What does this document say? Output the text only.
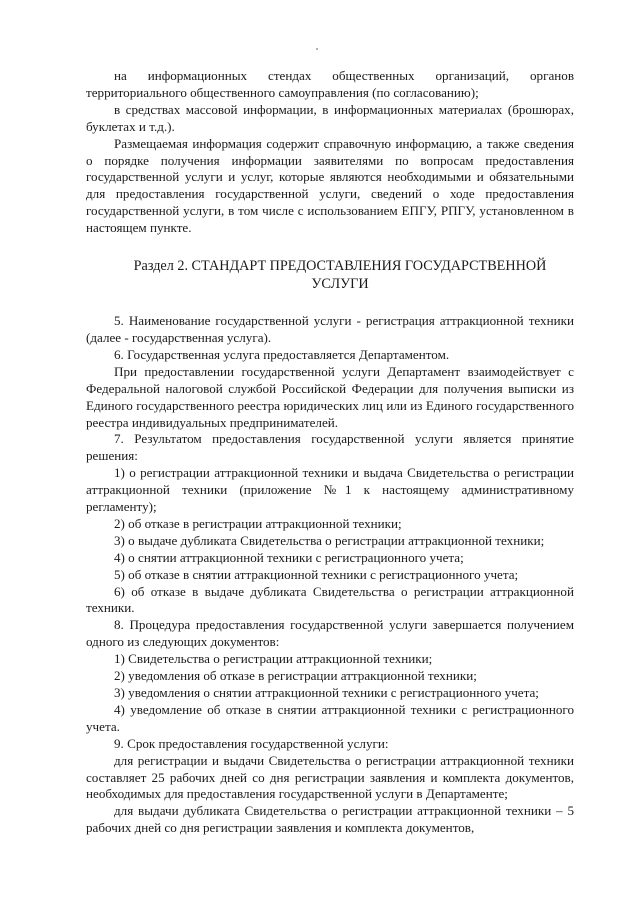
на информационных стендах общественных организаций, органов территориального общественного самоуправления (по согласованию);

в средствах массовой информации, в информационных материалах (брошюрах, буклетах и т.д.).

Размещаемая информация содержит справочную информацию, а также сведения о порядке получения информации заявителями по вопросам предоставления государственной услуги и услуг, которые являются необходимыми и обязательными для предоставления государственной услуги, сведений о ходе предоставления государственной услуги, в том числе с использованием ЕПГУ, РПГУ, установленном в настоящем пункте.

Раздел 2. СТАНДАРТ ПРЕДОСТАВЛЕНИЯ ГОСУДАРСТВЕННОЙ УСЛУГИ

5. Наименование государственной услуги - регистрация аттракционной техники (далее - государственная услуга).

6. Государственная услуга предоставляется Департаментом.

При предоставлении государственной услуги Департамент взаимодействует с Федеральной налоговой службой Российской Федерации для получения выписки из Единого государственного реестра юридических лиц или из Единого государственного реестра индивидуальных предпринимателей.

7. Результатом предоставления государственной услуги является принятие решения:

1) о регистрации аттракционной техники и выдача Свидетельства о регистрации аттракционной техники (приложение №1 к настоящему административному регламенту);

2) об отказе в регистрации аттракционной техники;

3) о выдаче дубликата Свидетельства о регистрации аттракционной техники;

4) о снятии аттракционной техники с регистрационного учета;

5) об отказе в снятии аттракционной техники с регистрационного учета;

6) об отказе в выдаче дубликата Свидетельства о регистрации аттракционной техники.

8. Процедура предоставления государственной услуги завершается получением одного из следующих документов:

1) Свидетельства о регистрации аттракционной техники;

2) уведомления об отказе в регистрации аттракционной техники;

3) уведомления о снятии аттракционной техники с регистрационного учета;

4) уведомление об отказе в снятии аттракционной техники с регистрационного учета.

9. Срок предоставления государственной услуги:

для регистрации и выдачи Свидетельства о регистрации аттракционной техники составляет 25 рабочих дней со дня регистрации заявления и комплекта документов, необходимых для предоставления государственной услуги в Департаменте;

для выдачи дубликата Свидетельства о регистрации аттракционной техники – 5 рабочих дней со дня регистрации заявления и комплекта документов,
